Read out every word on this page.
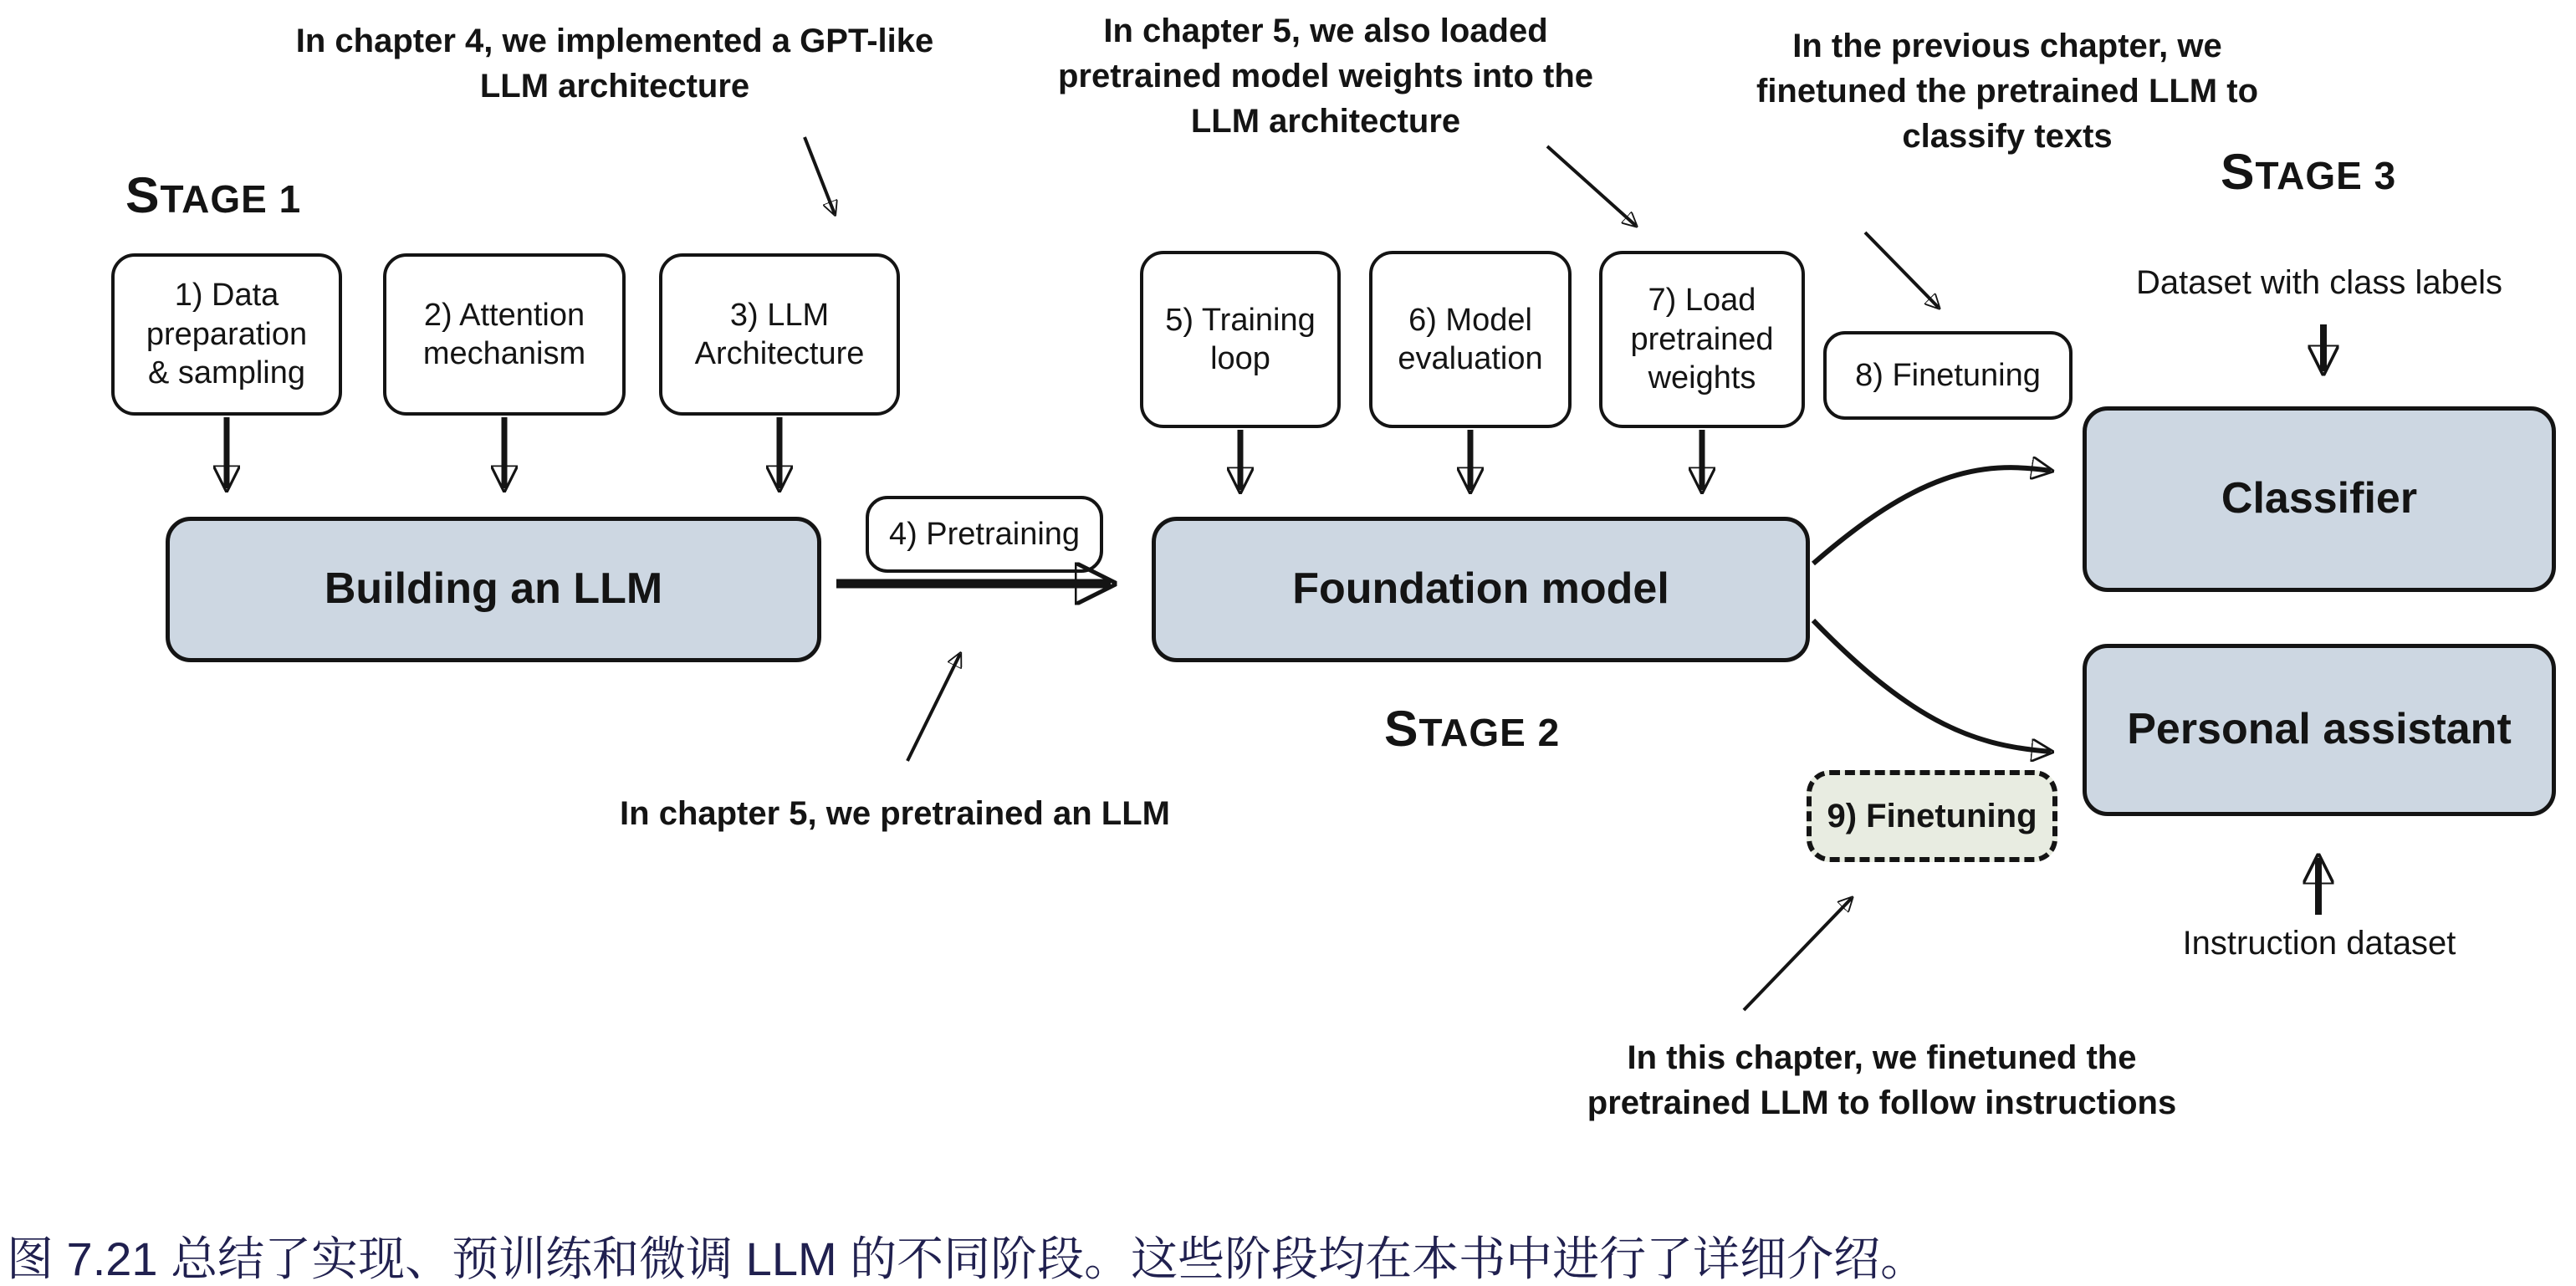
STAGE 1
STAGE 2
STAGE 3
In chapter 4, we implemented a GPT-like LLM architecture
In chapter 5, we also loaded pretrained model weights into the LLM architecture
In the previous chapter, we finetuned the pretrained LLM to classify texts
In chapter 5, we pretrained an LLM
In this chapter, we finetuned the pretrained LLM to follow instructions
1) Data
preparation
& sampling
2) Attention
mechanism
3) LLM
Architecture
5) Training
loop
6) Model
evaluation
7) Load
pretrained
weights
4) Pretraining
8) Finetuning
9) Finetuning
Building an LLM	Foundation model
Classifier
Personal assistant
Dataset with class labels
Instruction dataset
图 7.21 总结了实现、预训练和微调 LLM 的不同阶段。这些阶段均在本书中进行了详细介绍。
